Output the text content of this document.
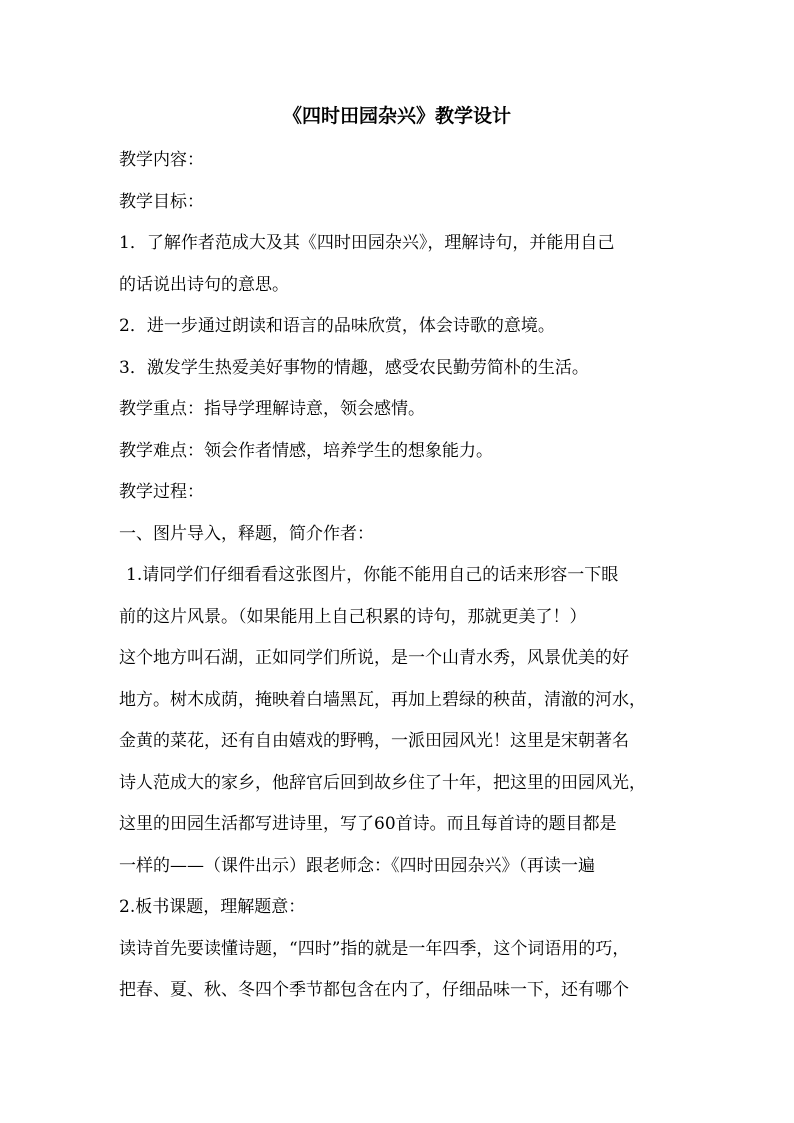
《四时田园杂兴》教学设计
教学内容：
教学目标：
1．了解作者范成大及其《四时田园杂兴》，理解诗句，并能用自己
的话说出诗句的意思。
2．进一步通过朗读和语言的品味欣赏，体会诗歌的意境。
3．激发学生热爱美好事物的情趣，感受农民勤劳简朴的生活。
教学重点：指导学理解诗意，领会感情。
教学难点：领会作者情感，培养学生的想象能力。
教学过程：
一、图片导入，释题，简介作者：
1.请同学们仔细看看这张图片，你能不能用自己的话来形容一下眼
前的这片风景。（如果能用上自己积累的诗句，那就更美了！）
这个地方叫石湖，正如同学们所说，是一个山青水秀，风景优美的好
地方。树木成荫，掩映着白墙黑瓦，再加上碧绿的秧苗，清澈的河水，
金黄的菜花，还有自由嬉戏的野鸭，一派田园风光！这里是宋朝著名
诗人范成大的家乡，他辞官后回到故乡住了十年，把这里的田园风光，
这里的田园生活都写进诗里，写了60首诗。而且每首诗的题目都是
一样的——（课件出示）跟老师念：《四时田园杂兴》（再读一遍
2.板书课题，理解题意：
读诗首先要读懂诗题，“四时”指的就是一年四季，这个词语用的巧，
把春、夏、秋、冬四个季节都包含在内了，仔细品味一下，还有哪个
